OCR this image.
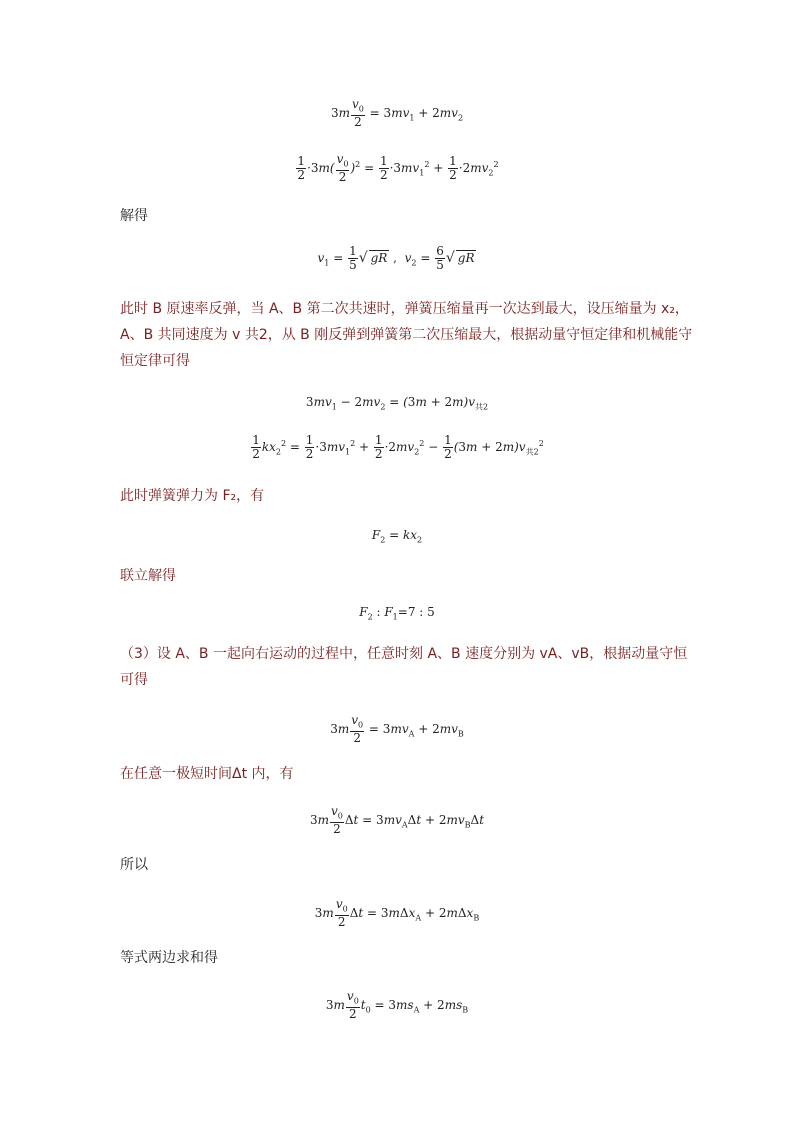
$3m \frac{v_0}{2} = 3mv_1 + 2mv_2$
$\frac{1}{2} \cdot 3m( \frac{v_0}{2} )^2 = \frac{1}{2} \cdot 3mv_1^2 + \frac{1}{2} \cdot 2mv_2^2$
解得
$v_1 = \frac{1}{5}$ √ gR ,  $v_2 = \frac{6}{5}$ √ gR
此时 B 原速率反弹，当 A、B 第二次共速时，弹簧压缩量再一次达到最大，设压缩量为 x₂，
A、B 共同速度为 v 共2，从 B 刚反弹到弹簧第二次压缩最大，根据动量守恒定律和机械能守
恒定律可得
$3mv_1 - 2mv_2 = (3m + 2m)v_{共2}$
$\frac{1}{2} kx_2^2 = \frac{1}{2} \cdot 3mv_1^2 + \frac{1}{2} \cdot 2mv_2^2 - \frac{1}{2} (3m + 2m)v_{共2}^2$
此时弹簧弹力为 F₂，有
$F_2 = kx_2$
联立解得
$F_2$ : $F_1=7$ : 5
（3）设 A、B 一起向右运动的过程中，任意时刻 A、B 速度分别为 vA、vB，根据动量守恒
可得
$3m \frac{v_0}{2} = 3mv_A + 2mv_B$
在任意一极短时间Δt 内，有
$3m \frac{v_0}{2}$ $\Delta t = 3mv_A\Delta t + 2mv_B\Delta t$
所以
$3m \frac{v_0}{2}$ Δt = 3mΔx$_A$ + 2mΔx$_B$
等式两边求和得
$3m \frac{v_0}{2} t_0 = 3ms_A + 2ms_B$
